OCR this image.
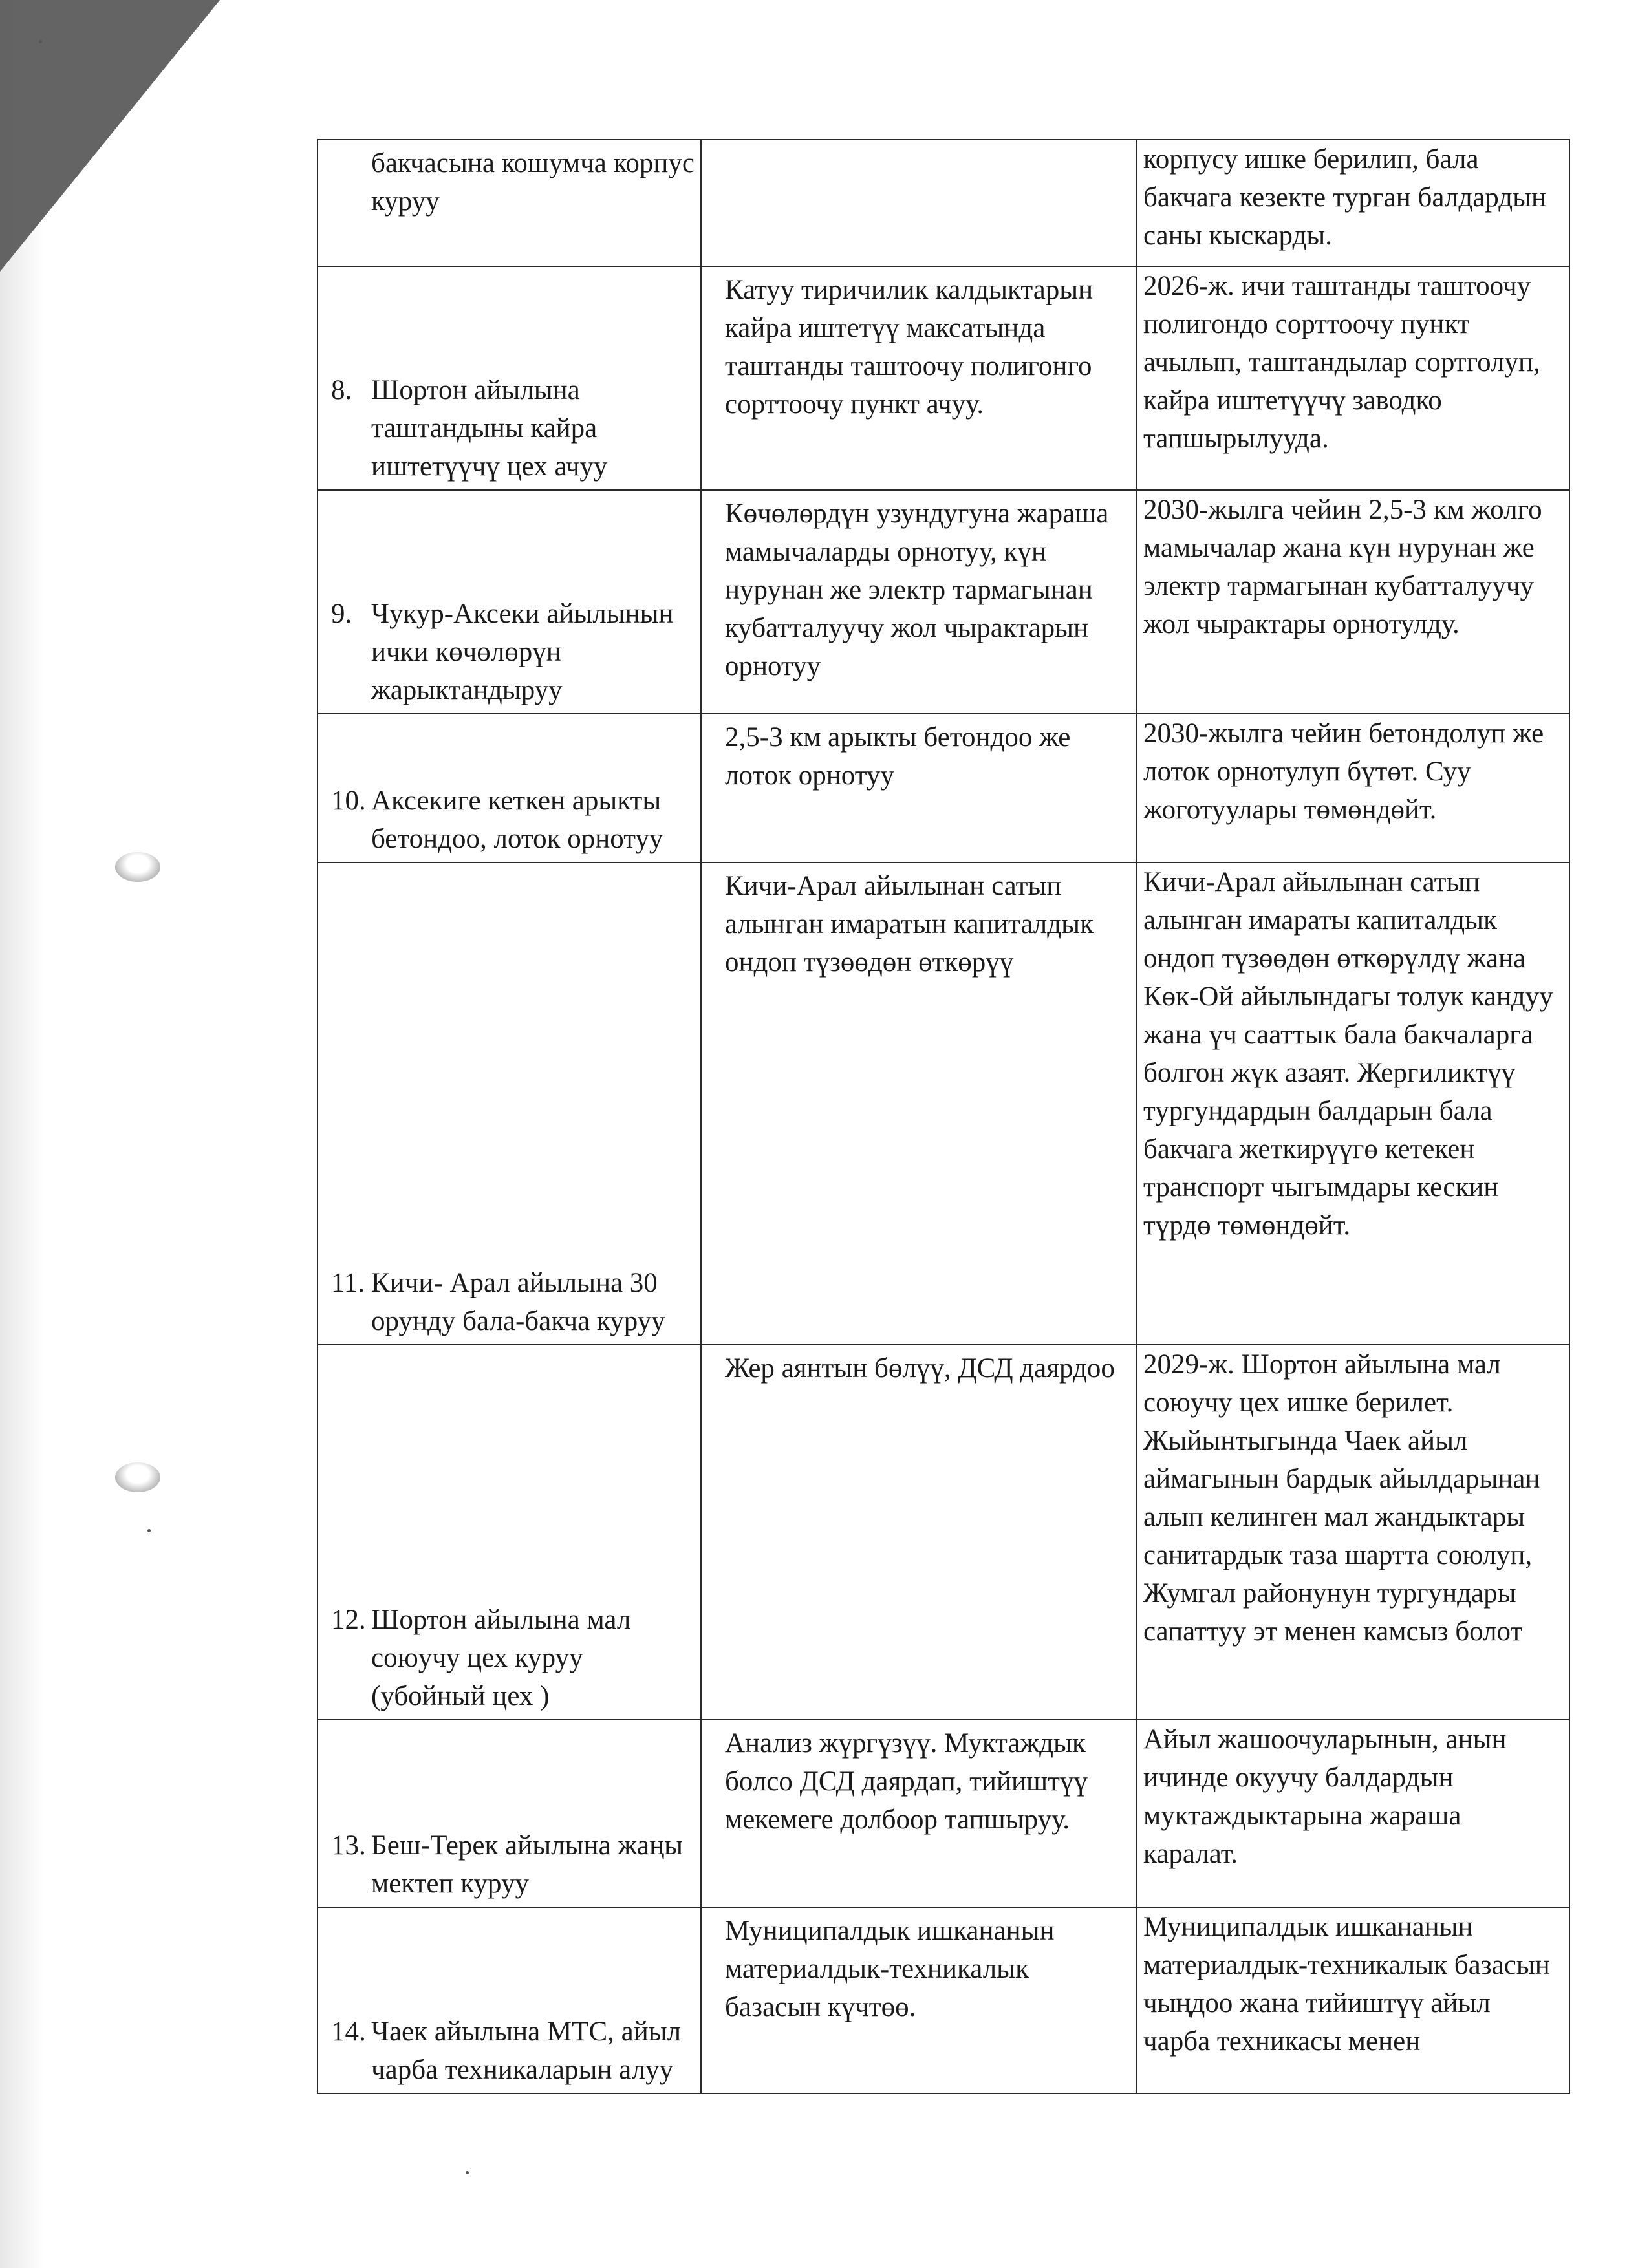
бакчасына кошумча корпус куруу		корпусу ишке берилип, бала бакчага кезекте турган балдардын саны кыскарды.

8. Шортон айылына таштандыны кайра иштетүүчү цех ачуу	Катуу тиричилик калдыктарын кайра иштетүү максатында таштанды таштоочу полигонго сорттоочу пункт ачуу.	2026-ж. ичи таштанды таштоочу полигондо сорттоочу пункт ачылып, таштандылар сортголуп, кайра иштетүүчү заводко тапшырылууда.

9. Чукур-Аксеки айылынын ички көчөлөрүн жарыктандыруу	Көчөлөрдүн узундугуна жараша мамычаларды орнотуу, күн нурунан же электр тармагынан кубатталуучу жол чырактарын орнотуу	2030-жылга чейин 2,5-3 км жолго мамычалар жана күн нурунан же электр тармагынан кубатталуучу жол чырактары орнотулду.

10. Аксекиге кеткен арыкты бетондоо, лоток орнотуу	2,5-3 км арыкты бетондоо же лоток орнотуу	2030-жылга чейин бетондолуп же лоток орнотулуп бүтөт. Суу жоготуулары төмөндөйт.

11. Кичи- Арал айылына 30 орунду бала-бакча куруу	Кичи-Арал айылынан сатып алынган имаратын капиталдык ондоп түзөөдөн өткөрүү	Кичи-Арал айылынан сатып алынган имараты капиталдык ондоп түзөөдөн өткөрүлдү жана Көк-Ой айылындагы толук кандуу жана үч сааттык бала бакчаларга болгон жүк азаят. Жергиликтүү тургундардын балдарын бала бакчага жеткирүүгө кетекен транспорт чыгымдары кескин түрдө төмөндөйт.

12. Шортон айылына мал союучу цех куруу (убойный цех )	Жер аянтын бөлүү, ДСД даярдоо	2029-ж. Шортон айылына мал союучу цех ишке берилет. Жыйынтыгында Чаек айыл аймагынын бардык айылдарынан алып келинген мал жандыктары санитардык таза шартта союлуп, Жумгал районунун тургундары сапаттуу эт менен камсыз болот

13. Беш-Терек айылына жаңы мектеп куруу	Анализ жүргүзүү. Муктаждык болсо ДСД даярдап, тийиштүү мекемеге долбоор тапшыруу.	Айыл жашоочуларынын, анын ичинде окуучу балдардын муктаждыктарына жараша каралат.

14. Чаек айылына МТС, айыл чарба техникаларын алуу	Муниципалдык ишкананын материалдык-техникалык базасын күчтөө.	Муниципалдык ишкананын материалдык-техникалык базасын чыңдоо жана тийиштүү айыл чарба техникасы менен
